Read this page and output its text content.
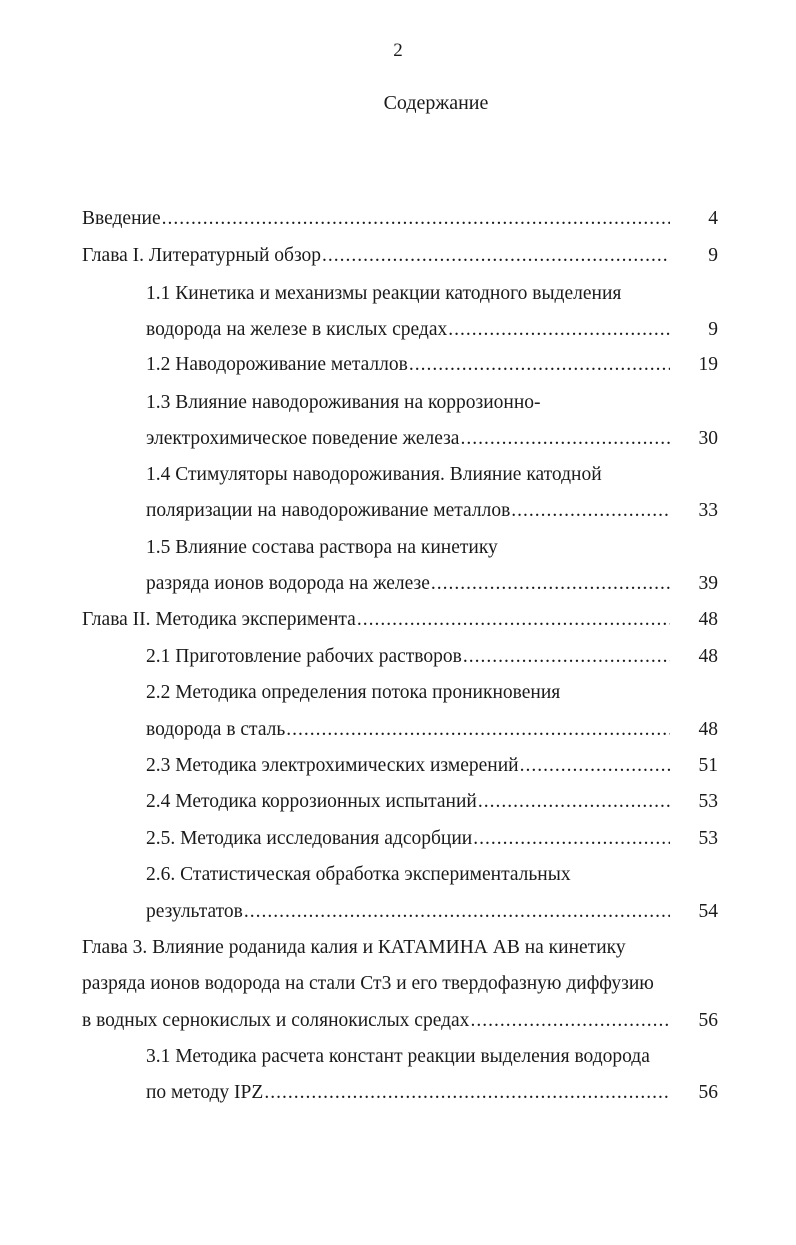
2
Содержание
Введение .....	4
Глава I. Литературный обзор .....	9
1.1 Кинетика и механизмы реакции катодного выделения
водорода на железе в кислых средах .....	9
1.2 Наводороживание металлов .....	19
1.3 Влияние наводороживания на коррозионно-
электрохимическое поведение железа .....	30
1.4 Стимуляторы наводороживания. Влияние катодной
поляризации на наводороживание металлов .....	33
1.5 Влияние состава раствора на кинетику
разряда ионов водорода на железе .....	39
Глава II. Методика эксперимента .....	48
2.1 Приготовление рабочих растворов .....	48
2.2 Методика определения потока проникновения
водорода в сталь .....	48
2.3 Методика электрохимических измерений .....	51
2.4 Методика коррозионных испытаний .....	53
2.5. Методика исследования адсорбции .....	53
2.6. Статистическая обработка экспериментальных
результатов .....	54
Глава 3. Влияние роданида калия и КАТАМИНА АВ на кинетику
разряда ионов водорода на стали Ст3 и его твердофазную диффузию
в водных сернокислых и солянокислых средах .....	56
3.1 Методика расчета констант реакции выделения водорода
по методу IPZ .....	56
